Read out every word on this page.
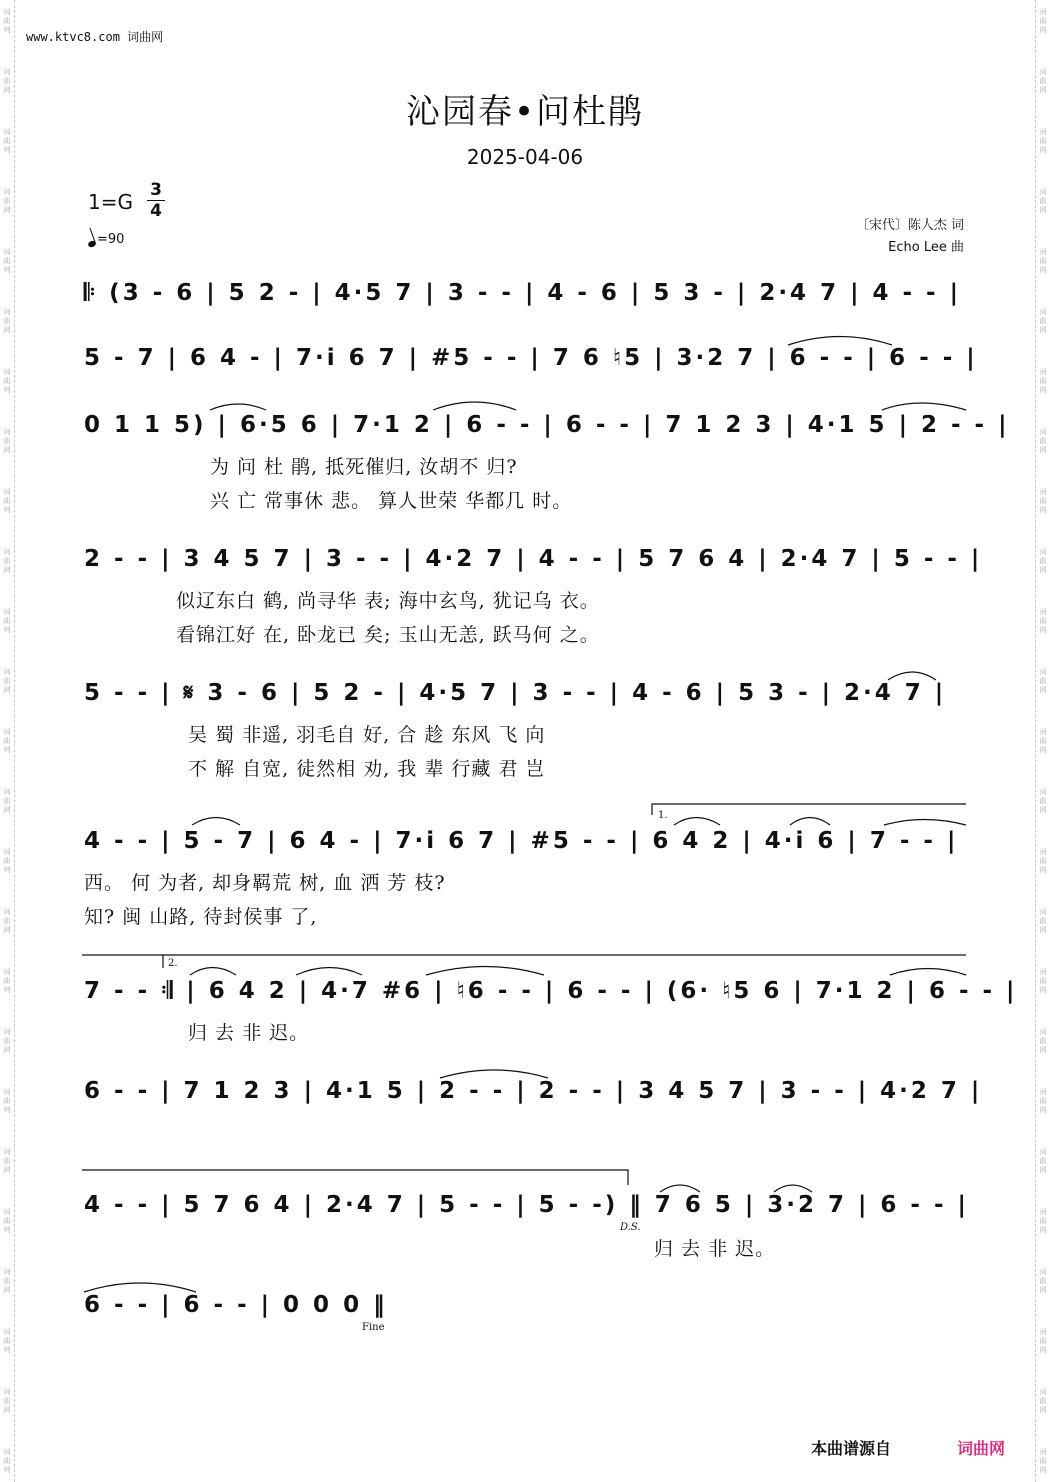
词
曲
网
词
曲
网
词
曲
网
词
曲
网
词
曲
网
词
曲
网
词
曲
网
词
曲
网
词
曲
网
词
曲
网
词
曲
网
词
曲
网
词
曲
网
词
曲
网
词
曲
网
词
曲
网
词
曲
网
词
曲
网
词
曲
网
词
曲
网
词
曲
网
词
曲
网
词
曲
网
词
曲
网
词
曲
网
词
曲
网
词
曲
网
词
曲
网
词
曲
网
词
曲
网
词
曲
网
词
曲
网
词
曲
网
词
曲
网
词
曲
网
词
曲
网
词
曲
网
词
曲
网
词
曲
网
词
曲
网
词
曲
网
词
曲
网
词
曲
网
词
曲
网
词
曲
网
词
曲
网
词
曲
网
词
曲
网
词
曲
网
词
曲
网
www.ktvc8.com 词曲网
沁园春•问杜鹃
2025-04-06
1=G 3
4
=90
〔宋代〕陈人杰 词
Echo Lee 曲
𝄆 (3 - 6 | 5 2 - | 4·5 7 | 3 - - | 4 - 6 | 5 3 - | 2·4 7 | 4 - - |
5 - 7 | 6 4 - | 7·i 6 7 | #5 - - | 7 6 ♮5 | 3·2 7 | 6 - - | 6 - - |
0 1 1 5) | 6·5 6 | 7·1 2 | 6 - - | 6 - - | 7 1 2 3 | 4·1 5 | 2 - - |
为 问 杜 鹃, 抵死催归, 汝胡不 归?
兴 亡 常事休 悲。 算人世荣 华都几 时。
2 - - | 3 4 5 7 | 3 - - | 4·2 7 | 4 - - | 5 7 6 4 | 2·4 7 | 5 - - |
似辽东白 鹤, 尚寻华 表; 海中玄鸟, 犹记乌 衣。
看锦江好 在, 卧龙已 矣; 玉山无恙, 跃马何 之。
5 - - | 𝄋 3 - 6 | 5 2 - | 4·5 7 | 3 - - | 4 - 6 | 5 3 - | 2·4 7 |
吴 蜀 非遥, 羽毛自 好, 合 趁 东风 飞 向
不 解 自宽, 徒然相 劝, 我 辈 行藏 君 岂
1.
4 - - | 5 - 7 | 6 4 - | 7·i 6 7 | #5 - - | 6 4 2 | 4·i 6 | 7 - - |
西。 何 为者, 却身羁荒 树, 血 洒 芳 枝?
知? 闽 山路, 待封侯事 了,
2.
7 - - 𝄇 | 6 4 2 | 4·7 #6 | ♮6 - - | 6 - - | (6· ♮5 6 | 7·1 2 | 6 - - |
归 去 非 迟。
6 - - | 7 1 2 3 | 4·1 5 | 2 - - | 2 - - | 3 4 5 7 | 3 - - | 4·2 7 |
4 - - | 5 7 6 4 | 2·4 7 | 5 - - | 5 - -) ‖ 7 6 5 | 3·2 7 | 6 - - |
D.S.
归 去 非 迟。
6 - - | 6 - - | 0 0 0 ‖
Fine
本曲谱源自	词曲网
